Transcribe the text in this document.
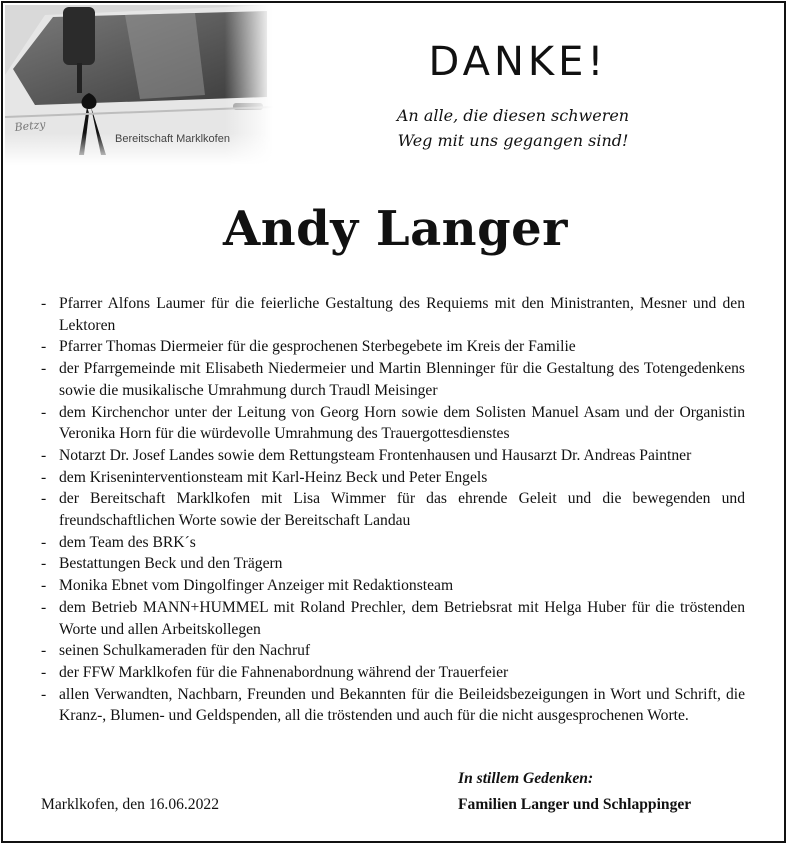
Bereitschaft Marklkofen
Betzy
DANKE!
An alle, die diesen schweren
Weg mit uns gegangen sind!
Andy Langer
- Pfarrer Alfons Laumer für die feierliche Gestaltung des Requiems mit den Ministranten, Mesner und den Lektoren
- Pfarrer Thomas Diermeier für die gesprochenen Sterbegebete im Kreis der Familie
- der Pfarrgemeinde mit Elisabeth Niedermeier und Martin Blenninger für die Gestaltung des Totengedenkens sowie die musikalische Umrahmung durch Traudl Meisinger
- dem Kirchenchor unter der Leitung von Georg Horn sowie dem Solisten Manuel Asam und der Organistin Veronika Horn für die würdevolle Umrahmung des Trauergottesdienstes
- Notarzt Dr. Josef Landes sowie dem Rettungsteam Frontenhausen und Hausarzt Dr. Andreas Paintner
- dem Kriseninterventionsteam mit Karl-Heinz Beck und Peter Engels
- der Bereitschaft Marklkofen mit Lisa Wimmer für das ehrende Geleit und die bewegenden und freundschaftlichen Worte sowie der Bereitschaft Landau
- dem Team des BRK´s
- Bestattungen Beck und den Trägern
- Monika Ebnet vom Dingolfinger Anzeiger mit Redaktionsteam
- dem Betrieb MANN+HUMMEL mit Roland Prechler, dem Betriebsrat mit Helga Huber für die tröstenden Worte und allen Arbeitskollegen
- seinen Schulkameraden für den Nachruf
- der FFW Marklkofen für die Fahnenabordnung während der Trauerfeier
- allen Verwandten, Nachbarn, Freunden und Bekannten für die Beileidsbezeigungen in Wort und Schrift, die Kranz-, Blumen- und Geldspenden, all die tröstenden und auch für die nicht ausgesprochenen Worte.
Marklkofen, den 16.06.2022
In stillem Gedenken:
Familien Langer und Schlappinger
